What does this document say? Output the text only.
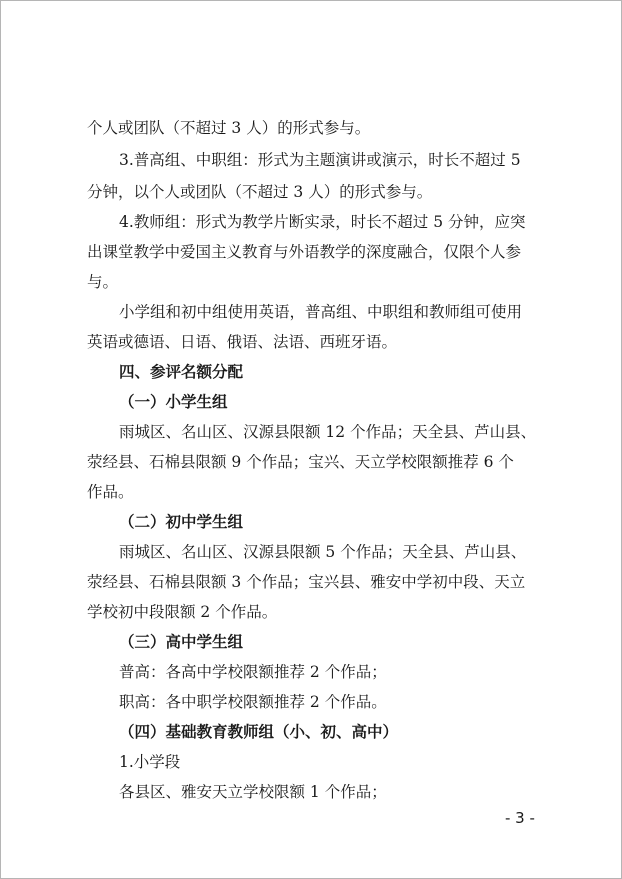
个人或团队（不超过 3 人）的形式参与。
3.普高组、中职组：形式为主题演讲或演示，时长不超过 5
分钟，以个人或团队（不超过 3 人）的形式参与。
4.教师组：形式为教学片断实录，时长不超过 5 分钟，应突
出课堂教学中爱国主义教育与外语教学的深度融合，仅限个人参
与。
小学组和初中组使用英语，普高组、中职组和教师组可使用
英语或德语、日语、俄语、法语、西班牙语。
四、参评名额分配
（一）小学生组
雨城区、名山区、汉源县限额 12 个作品；天全县、芦山县、
荥经县、石棉县限额 9 个作品；宝兴、天立学校限额推荐 6 个
作品。
（二）初中学生组
雨城区、名山区、汉源县限额 5 个作品；天全县、芦山县、
荥经县、石棉县限额 3 个作品；宝兴县、雅安中学初中段、天立
学校初中段限额 2 个作品。
（三）高中学生组
普高：各高中学校限额推荐 2 个作品；
职高：各中职学校限额推荐 2 个作品。
（四）基础教育教师组（小、初、高中）
1.小学段
各县区、雅安天立学校限额 1 个作品；
- 3 -
